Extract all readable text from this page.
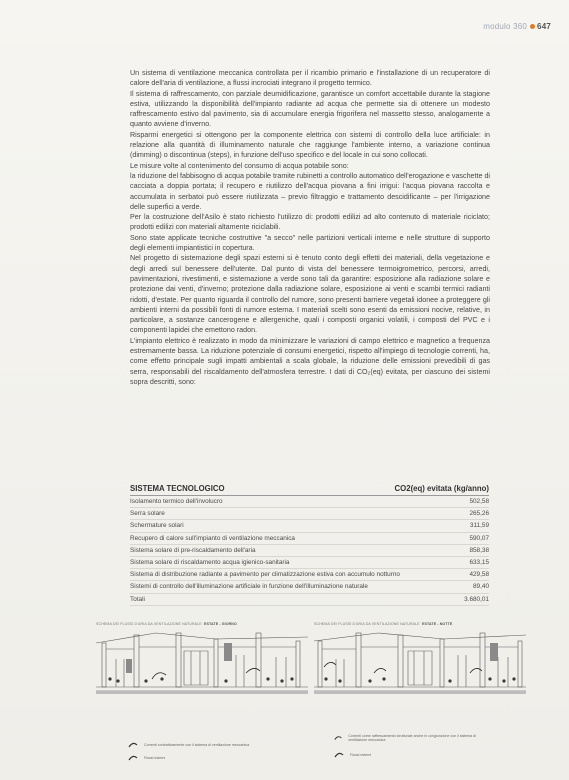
modulo 360 647

Un sistema di ventilazione meccanica controllata per il ricambio primario e l'installazione di un recuperatore di calore dell'aria di ventilazione, a flussi incrociati integrano il progetto termico.

Il sistema di raffrescamento, con parziale deumidificazione, garantisce un comfort accettabile durante la stagione estiva, utilizzando la disponibilità dell'impianto radiante ad acqua che permette sia di ottenere un modesto raffrescamento estivo dal pavimento, sia di accumulare energia frigorifera nel massetto stesso, analogamente a quanto avviene d'inverno.

Risparmi energetici si ottengono per la componente elettrica con sistemi di controllo della luce artificiale: in relazione alla quantità di illuminamento naturale che raggiunge l'ambiente interno, a variazione continua (dimming) o discontinua (steps), in funzione dell'uso specifico e del locale in cui sono collocati.

Le misure volte al contenimento del consumo di acqua potabile sono:

la riduzione del fabbisogno di acqua potabile tramite rubinetti a controllo automatico dell'erogazione e vaschette di cacciata a doppia portata; il recupero e riutilizzo dell'acqua piovana a fini irrigui: l'acqua piovana raccolta e accumulata in serbatoi può essere riutilizzata – previo filtraggio e trattamento descidificante – per l'irrigazione delle superfici a verde.

Per la costruzione dell'Asilo è stato richiesto l'utilizzo di: prodotti edilizi ad alto contenuto di materiale riciclato; prodotti edilizi con materiali altamente riciclabili.

Sono state applicate tecniche costruttive "a secco" nelle partizioni verticali interne e nelle strutture di supporto degli elementi impiantistici in copertura.

Nel progetto di sistemazione degli spazi esterni si è tenuto conto degli effetti dei materiali, della vegetazione e degli arredi sul benessere dell'utente. Dal punto di vista del benessere termoigrometrico, percorsi, arredi, pavimentazioni, rivestimenti, e sistemazione a verde sono tali da garantire: esposizione alla radiazione solare e protezione dai venti, d'inverno; protezione dalla radiazione solare, esposizione ai venti e scambi termici radianti ridotti, d'estate. Per quanto riguarda il controllo del rumore, sono presenti barriere vegetali idonee a proteggere gli ambienti interni da possibili fonti di rumore esterna. I materiali scelti sono esenti da emissioni nocive, relative, in particolare, a sostanze cancerogene e allergeniche, quali i composti organici volatili, i composti del PVC e i componenti lapidei che emettono radon.

L'impianto elettrico è realizzato in modo da minimizzare le variazioni di campo elettrico e magnetico a frequenza estremamente bassa. La riduzione potenziale di consumi energetici, rispetto all'impiego di tecnologie correnti, ha, come effetto principale sugli impatti ambientali a scala globale, la riduzione delle emissioni prevedibili di gas serra, responsabili del riscaldamento dell'atmosfera terrestre. I dati di CO₂(eq) evitata, per ciascuno dei sistemi sopra descritti, sono:

SISTEMA TECNOLOGICO	CO2(eq) evitata (kg/anno)
Isolamento termico dell'involucro	502,58
Serra solare	265,26
Schermature solari	311,59
Recupero di calore sull'impianto di ventilazione meccanica	590,07
Sistema solare di pre-riscaldamento dell'aria	858,38
Sistema solare di riscaldamento acqua igienico-sanitaria	633,15
Sistema di distribuzione radiante a pavimento per climatizzazione estiva con accumulo notturno	429,58
Sistemi di controllo dell'illuminazione artificiale in funzione dell'illuminazione naturale	89,40
Totali	3.680,01
SCHEMA DEI FLUSSI D'ARIA DA VENTILAZIONE NATURALE ESTATE - GIORNO	SCHEMA DEI FLUSSI D'ARIA DA VENTILAZIONE NATURALE ESTATE - NOTTE
Correnti contrattivamente con il sistema di ventilazione meccanica
Flussi esterni
Correnti come raffrescamento strutturale anche in congiunzione con il sistema di ventilazione meccanica
Flussi esterni
